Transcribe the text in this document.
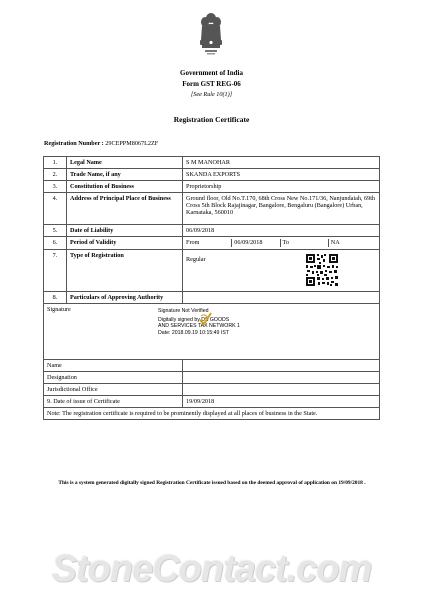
Government of India
Form GST REG-06
[See Rule 10(1)]
Registration Certificate
Registration Number : 29CEPPM8067L2ZF
1.	Legal Name	S M MANOHAR
2.	Trade Name, if any	SKANDA EXPORTS
3.	Constitution of Business	Proprietorship
4.	Address of Principal Place of Business	Ground floor, Old No.T.170, 68th Cross New No.171/36, Nanjundaiah, 69th Cross 5th Block Rajajinagar, Bangalore, Bengaluru (Bangalore) Urban, Karnataka, 560010
5.	Date of Liability	06/09/2018
6.	Period of Validity	From 06/09/2018 To NA

7.	Type of Registration	Regular

8.	Particulars of Approving Authority	
Signature Signature Not Verified
Digitally signed by DS GOODS
AND SERVICES TAX NETWORK 1
Date: 2018.09.19 10:15:49 IST		

Name		
Designation		
Jurisdictional Office		
9. Date of issue of Certificate		19/09/2018
Note: The registration certificate is required to be prominently displayed at all places of business in the State.		
This is a system generated digitally signed Registration Certificate issued based on the deemed approval of application on 19/09/2018 .
StoneContact.com
